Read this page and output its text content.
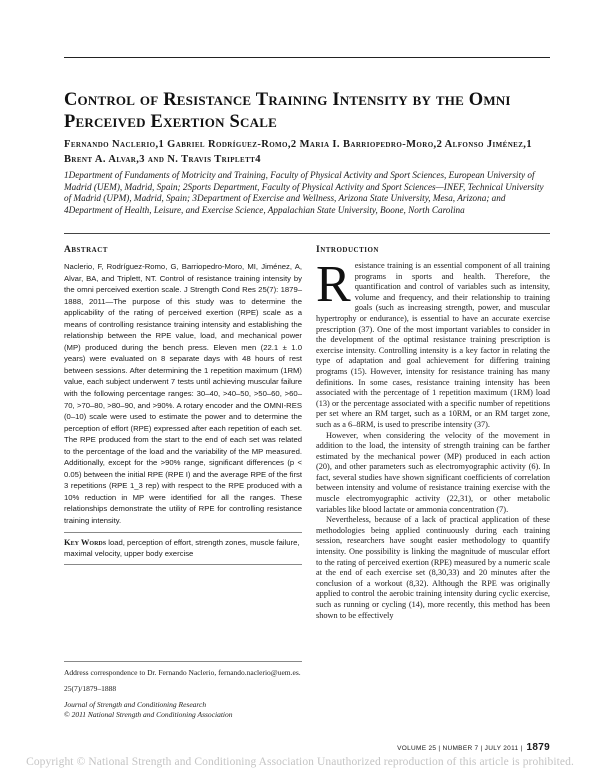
Control of Resistance Training Intensity by the Omni Perceived Exertion Scale

Fernando Naclerio,1 Gabriel Rodríguez-Romo,2 Maria I. Barriopedro-Moro,2 Alfonso Jiménez,1 Brent A. Alvar,3 and N. Travis Triplett4

1Department of Fundaments of Motricity and Training, Faculty of Physical Activity and Sport Sciences, European University of Madrid (UEM), Madrid, Spain; 2Sports Department, Faculty of Physical Activity and Sport Sciences—INEF, Technical University of Madrid (UPM), Madrid, Spain; 3Department of Exercise and Wellness, Arizona State University, Mesa, Arizona; and 4Department of Health, Leisure, and Exercise Science, Appalachian State University, Boone, North Carolina

Abstract

Naclerio, F, Rodríguez-Romo, G, Barriopedro-Moro, MI, Jiménez, A, Alvar, BA, and Triplett, NT. Control of resistance training intensity by the omni perceived exertion scale. J Strength Cond Res 25(7): 1879–1888, 2011—The purpose of this study was to determine the applicability of the rating of perceived exertion (RPE) scale as a means of controlling resistance training intensity and establishing the relationship between the RPE value, load, and mechanical power (MP) produced during the bench press. Eleven men (22.1 ± 1.0 years) were evaluated on 8 separate days with 48 hours of rest between sessions. After determining the 1 repetition maximum (1RM) value, each subject underwent 7 tests until achieving muscular failure with the following percentage ranges: 30–40, >40–50, >50–60, >60–70, >70–80, >80–90, and >90%. A rotary encoder and the OMNI-RES (0–10) scale were used to estimate the power and to determine the perception of effort (RPE) expressed after each repetition of each set. The RPE produced from the start to the end of each set was related to the percentage of the load and the variability of the MP measured. Additionally, except for the >90% range, significant differences (p < 0.05) between the initial RPE (RPE I) and the average RPE of the first 3 repetitions (RPE 1_3 rep) with respect to the RPE produced with a 10% reduction in MP were identified for all the ranges. These relationships demonstrate the utility of RPE for controlling resistance training intensity.

Key Words load, perception of effort, strength zones, muscle failure, maximal velocity, upper body exercise
Introduction

Resistance training is an essential component of all training programs in sports and health. Therefore, the quantification and control of variables such as intensity, volume and frequency, and their relationship to training goals (such as increasing strength, power, and muscular hypertrophy or endurance), is essential to have an accurate exercise prescription (37). One of the most important variables to consider in the development of the optimal resistance training prescription is exercise intensity. Controlling intensity is a key factor in relating the type of adaptation and goal achievement for differing training programs (15). However, intensity for resistance training has many definitions. In some cases, resistance training intensity has been associated with the percentage of 1 repetition maximum (1RM) load (13) or the percentage associated with a specific number of repetitions per set where an RM target, such as a 10RM, or an RM target zone, such as a 6–8RM, is used to prescribe intensity (37).

However, when considering the velocity of the movement in addition to the load, the intensity of strength training can be farther estimated by the mechanical power (MP) produced in each action (20), and other parameters such as electromyographic activity (6). In fact, several studies have shown significant coefficients of correlation between intensity and volume of resistance training exercise with the muscle electromyographic activity (22,31), or other metabolic variables like blood lactate or ammonia concentration (7).

Nevertheless, because of a lack of practical application of these methodologies being applied continuously during each training session, researchers have sought easier methodology to quantify intensity. One possibility is linking the magnitude of muscular effort to the rating of perceived exertion (RPE) measured by a numeric scale at the end of each exercise set (8,30,33) and 20 minutes after the conclusion of a workout (8,32). Although the RPE was originally applied to control the aerobic training intensity during cyclic exercise, such as running or cycling (14), more recently, this method has been shown to be effectively

Address correspondence to Dr. Fernando Naclerio, fernando.naclerio@uem.es.

25(7)/1879–1888

Journal of Strength and Conditioning Research

© 2011 National Strength and Conditioning Association

VOLUME 25 | NUMBER 7 | JULY 2011 | 1879
Copyright © National Strength and Conditioning Association Unauthorized reproduction of this article is prohibited.
